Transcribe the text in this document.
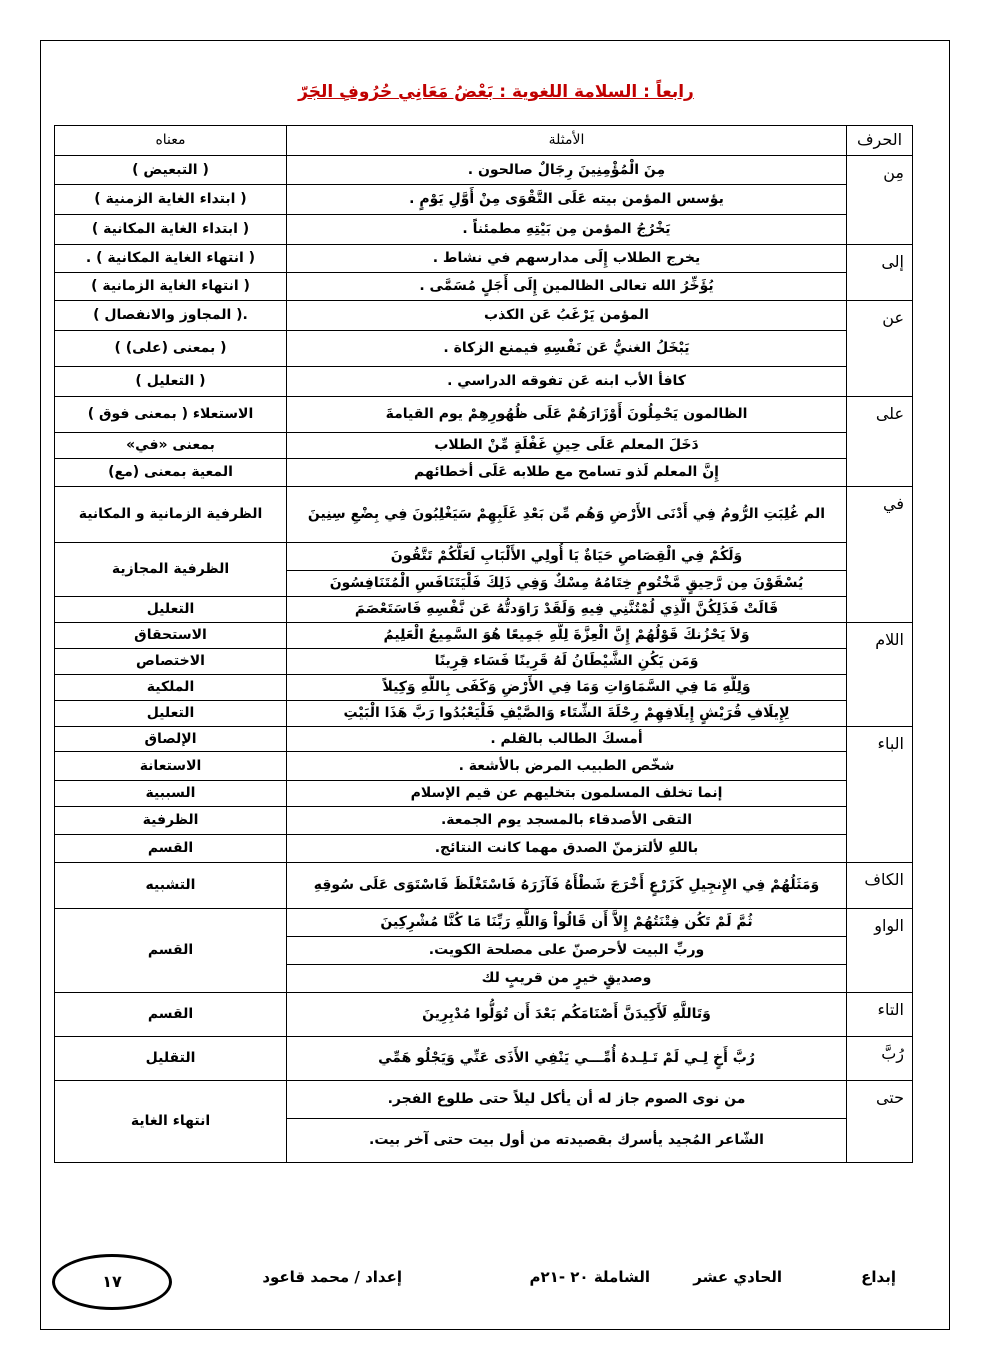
رابعاً : السلامة اللغوية : بَعْضُ مَعَانِي حُرُوفِ الجَرّ
الحرف	الأمثلة	معناه
مِن	مِنَ الْمُؤْمِنِينَ رِجَالٌ صالحون .	( التبعيض )
	يؤسس المؤمن بيته عَلَى التَّقْوَى مِنْ أَوَّلِ يَوْمٍ .	( ابتداء الغاية الزمنية )
	يَخْرُجُ المؤمن مِن بَيْتِهِ مطمئناً .	( ابتداء الغاية المكانية )
إلى	يخرج الطلاب إِلَى مدارسهم في نشاط .	( انتهاء الغاية المكانية ) .
	يُؤَخِّرُ الله تعالى الظالمين إِلَى أَجَلٍ مُسَمَّى .	( انتهاء الغاية الزمانية )
عن	المؤمن يَرْغَبُ عَن الكذب	.( المجاوز والانفصال )
	يَبْخَلُ الغنيُّ عَن نَفْسِهِ فيمنع الزكاة .	( بمعنى (على) )
	كافأ الأب ابنه عَن تفوقه الدراسي .	( التعليل )
على	الظالمون يَحْمِلُونَ أَوْزَارَهُمْ عَلَى ظُهُورِهِمْ يوم القيامةَ	الاستعلاء ( بمعنى فوق )
	دَخَلَ المعلم عَلَى حِينِ غَفْلَةٍ مِّنْ الطلاب	بمعنى «في»
	إِنَّ المعلم لَذو تسامح مع طلابه عَلَى أخطائهم	المعية بمعنى (مع)
في	الم غُلِبَتِ الرُّومُ فِي أَدْنَى الأَرْضِ وَهُم مِّن بَعْدِ غَلَبِهِمْ سَيَغْلِبُونَ فِي بِضْعِ سِنِينَ	الظرفية الزمانية و المكانية
	وَلَكُمْ فِي الْقِصَاصِ حَيَاةٌ يَا أُولِي الأَلْبَابِ لَعَلَّكُمْ تَتَّقُونَ	الظرفية المجازية
	يُسْقَوْنَ مِن رَّحِيقٍ مَّخْتُومٍ خِتَامُهُ مِسْكٌ وَفِي ذَلِكَ فَلْيَتَنَافَسِ الْمُتَنَافِسُونَ	
	قَالَتْ فَذَلِكُنَّ الَّذِي لُمْتُنَّنِي فِيهِ وَلَقَدْ رَاوَدتُّهُ عَن نَّفْسِهِ فَاسَتَعْصَمَ	التعليل
اللام	وَلاَ يَحْزُنكَ قَوْلُهُمْ إِنَّ الْعِزَّةَ لِلَّهِ جَمِيعًا هُوَ السَّمِيعُ الْعَلِيمُ	الاستحقاق
	وَمَن يَكُنِ الشَّيْطَانُ لَهُ قَرِينًا فَسَاء قِرِينًا	الاختصاص
	وَلِلَّهِ مَا فِي السَّمَاوَاتِ وَمَا فِي الأَرْضِ وَكَفَى بِاللَّهِ وَكِيلاً	الملكية
	لِإِيلَافِ قُرَيْشٍ إِيلَافِهِمْ رِحْلَةَ الشِّتَاء وَالصَّيْفِ فَلْيَعْبُدُوا رَبَّ هَذَا الْبَيْتِ	التعليل
الباء	أمسكَ الطالب بالقلم .	الإلصاق
	شخّص الطبيب المرض بالأشعة .	الاستعانة
	إنما تخلف المسلمون بتخليهم عن قيم الإسلام	السببية
	التقى الأصدقاء بالمسجد يوم الجمعة.	الظرفية
	باللهِ لألتزمنّ الصدق مهما كانت النتائج.	القسم
الكاف	وَمَثَلُهُمْ فِي الإِنجِيلِ كَزَرْعٍ أَخْرَجَ شَطْأَهُ فَآزَرَهُ فَاسْتَغْلَظَ فَاسْتَوَى عَلَى سُوقِهِ	التشبيه
الواو	ثُمَّ لَمْ تَكُن فِتْنَتُهُمْ إِلاَّ أَن قَالُواْ وَاللَّهِ رَبِّنَا مَا كُنَّا مُشْرِكِينَ	القسم
	وربِّ البيت لأحرصنّ على مصلحة الكويت.	
	وصديقٍ خيرٍ من قريبٍ لك	
التاء	وَتَاللَّهِ لَأَكِيدَنَّ أَصْنَامَكُم بَعْدَ أَن تُوَلُّوا مُدْبِرِينَ	القسم
رُبَّ	رُبَّ أَخٍ لِـي لَمْ تَـلِـدهُ أُمِّـــي يَنْفِي الأَذَى عَنِّي وَيَجْلُو هَمِّي	التقليل
حتى	من نوى الصوم جاز له أن يأكل ليلاً حتى طلوع الفجر.	انتهاء الغاية
	الشّاعر المُجيد يأسرك بقصيدته من أول بيت حتى آخر بيت.	
إبداع
الحادي عشر
الشاملة ٢٠ -٢١م
إعداد / محمد قاعود
١٧
